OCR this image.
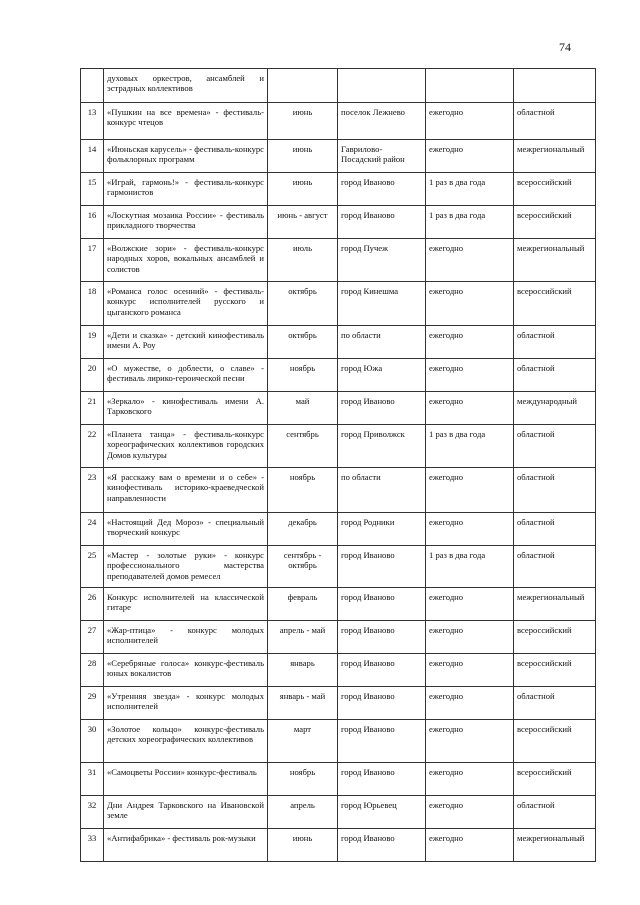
74
	духовых оркестров, ансамблей и эстрадных коллективов				
13	«Пушкин на все времена» - фестиваль-конкурс чтецов	июнь	поселок Лежнево	ежегодно	областной
14	«Июньская карусель» - фестиваль-конкурс фольклорных программ	июнь	Гаврилово-Посадский район	ежегодно	межрегиональный
15	«Играй, гармонь!» - фестиваль-конкурс гармонистов	июнь	город Иваново	1 раз в два года	всероссийский
16	«Лоскутная мозаика России» - фестиваль прикладного творчества	июнь - август	город Иваново	1 раз в два года	всероссийский
17	«Волжские зори» - фестиваль-конкурс народных хоров, вокальных ансамблей и солистов	июль	город Пучеж	ежегодно	межрегиональный
18	«Романса голос осенний» - фестиваль-конкурс исполнителей русского и цыганского романса	октябрь	город Кинешма	ежегодно	всероссийский
19	«Дети и сказка» - детский кинофестиваль имени А. Роу	октябрь	по области	ежегодно	областной
20	«О мужестве, о доблести, о славе» - фестиваль лирико-героической песни	ноябрь	город Южа	ежегодно	областной
21	«Зеркало» - кинофестиваль имени А. Тарковского	май	город Иваново	ежегодно	международный
22	«Планета танца» - фестиваль-конкурс хореографических коллективов городских Домов культуры	сентябрь	город Приволжск	1 раз в два года	областной
23	«Я расскажу вам о времени и о себе» - кинофестиваль историко-краеведческой направленности	ноябрь	по области	ежегодно	областной
24	«Настоящий Дед Мороз» - специальный творческий конкурс	декабрь	город Родники	ежегодно	областной
25	«Мастер - золотые руки» - конкурс профессионального мастерства преподавателей домов ремесел	сентябрь - октябрь	город Иваново	1 раз в два года	областной
26	Конкурс исполнителей на классической гитаре	февраль	город Иваново	ежегодно	межрегиональный
27	«Жар-птица» - конкурс молодых исполнителей	апрель - май	город Иваново	ежегодно	всероссийский
28	«Серебряные голоса» конкурс-фестиваль юных вокалистов	январь	город Иваново	ежегодно	всероссийский
29	«Утренняя звезда» - конкурс молодых исполнителей	январь - май	город Иваново	ежегодно	областной
30	«Золотое кольцо» конкурс-фестиваль детских хореографических коллективов	март	город Иваново	ежегодно	всероссийский
31	«Самоцветы России» конкурс-фестиваль	ноябрь	город Иваново	ежегодно	всероссийский
32	Дни Андрея Тарковского на Ивановской земле	апрель	город Юрьевец	ежегодно	областной
33	«Антифабрика» - фестиваль рок-музыки	июнь	город Иваново	ежегодно	межрегиональный
